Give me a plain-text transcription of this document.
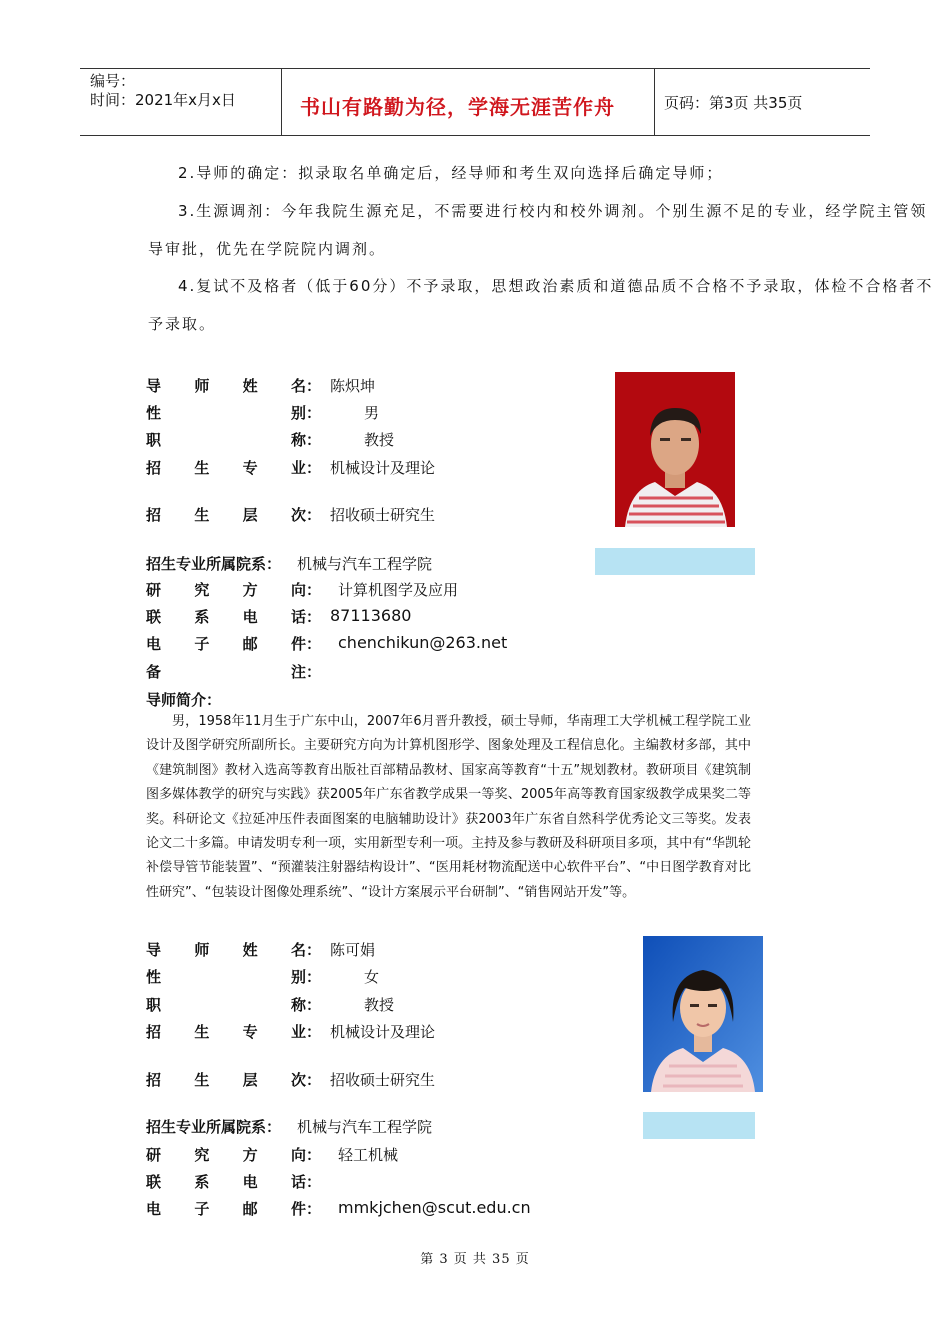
编号：
时间：2021年x月x日	书山有路勤为径，学海无涯苦作舟	页码：第3页 共35页
2.导师的确定：拟录取名单确定后，经导师和考生双向选择后确定导师；
3.生源调剂：今年我院生源充足，不需要进行校内和校外调剂。个别生源不足的专业，经学院主管领
导审批，优先在学院院内调剂。
4.复试不及格者（低于60分）不予录取，思想政治素质和道德品质不合格不予录取，体检不合格者不
予录取。
导 师 姓 名： 陈炽坤
性	别：	男
职	称：	教授
招 生 专 业： 机械设计及理论
招 生 层 次： 招收硕士研究生
招生专业所属院系： 机械与汽车工程学院
研 究 方 向： 计算机图学及应用
联 系 电 话： 87113680
电 子 邮 件： chenchikun@263.net
备	注：
导师简介：
男，1958年11月生于广东中山，2007年6月晋升教授，硕士导师，华南理工大学机械工程学院工业设计及图学研究所副所长。主要研究方向为计算机图形学、图象处理及工程信息化。主编教材多部，其中《建筑制图》教材入选高等教育出版社百部精品教材、国家高等教育“十五”规划教材。教研项目《建筑制图多媒体教学的研究与实践》获2005年广东省教学成果一等奖、2005年高等教育国家级教学成果奖二等奖。科研论文《拉延冲压件表面图案的电脑辅助设计》获2003年广东省自然科学优秀论文三等奖。发表论文二十多篇。申请发明专利一项，实用新型专利一项。主持及参与教研及科研项目多项，其中有“华凯轮补偿导管节能装置”、“预灌装注射器结构设计”、“医用耗材物流配送中心软件平台”、“中日图学教育对比性研究”、“包装设计图像处理系统”、“设计方案展示平台研制”、“销售网站开发”等。
导 师 姓 名： 陈可娟
性	别：	女
职	称：	教授
招 生 专 业： 机械设计及理论
招 生 层 次： 招收硕士研究生
招生专业所属院系： 机械与汽车工程学院
研 究 方 向： 轻工机械
联 系 电 话：
电 子 邮 件： mmkjchen@scut.edu.cn
第 3 页 共 35 页
